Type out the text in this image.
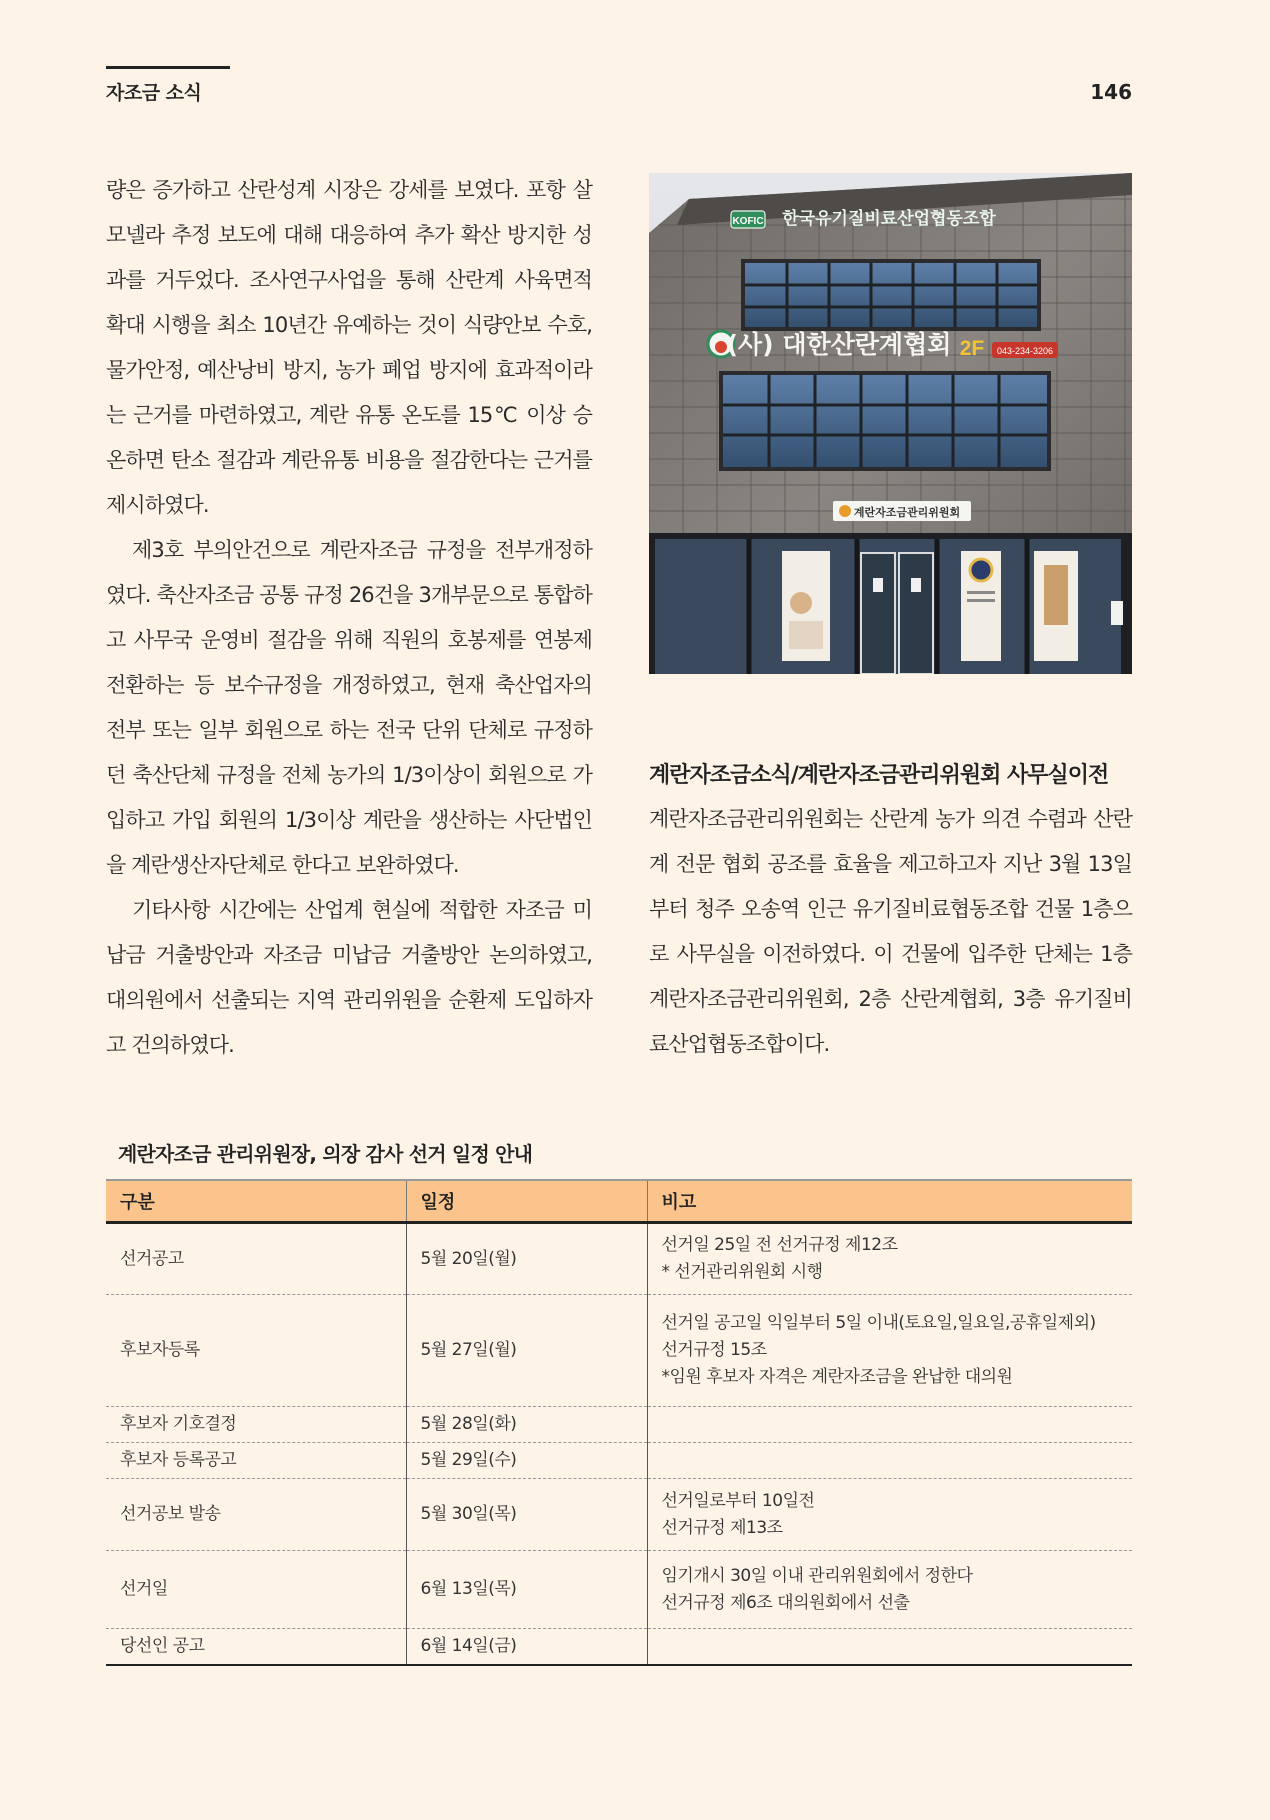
자조금 소식	146

량은 증가하고 산란성계 시장은 강세를 보였다. 포항 살모넬라 추정 보도에 대해 대응하여 추가 확산 방지한 성과를 거두었다. 조사연구사업을 통해 산란계 사육면적 확대 시행을 최소 10년간 유예하는 것이 식량안보 수호, 물가안정, 예산낭비 방지, 농가 폐업 방지에 효과적이라는 근거를 마련하였고, 계란 유통 온도를 15℃ 이상 승온하면 탄소 절감과 계란유통 비용을 절감한다는 근거를 제시하였다.

제3호 부의안건으로 계란자조금 규정을 전부개정하였다. 축산자조금 공통 규정 26건을 3개부문으로 통합하고 사무국 운영비 절감을 위해 직원의 호봉제를 연봉제 전환하는 등 보수규정을 개정하였고, 현재 축산업자의 전부 또는 일부 회원으로 하는 전국 단위 단체로 규정하던 축산단체 규정을 전체 농가의 1/3이상이 회원으로 가입하고 가입 회원의 1/3이상 계란을 생산하는 사단법인을 계란생산자단체로 한다고 보완하였다.

기타사항 시간에는 산업계 현실에 적합한 자조금 미납금 거출방안과 자조금 미납금 거출방안 논의하였고, 대의원에서 선출되는 지역 관리위원을 순환제 도입하자고 건의하였다.

KOFIC 한국유기질비료산업협동조합
(사) 대한산란계협회 2F 043-234-3206
계란자조금관리위원회
계란자조금소식/계란자조금관리위원회 사무실이전

계란자조금관리위원회는 산란계 농가 의견 수렴과 산란계 전문 협회 공조를 효율을 제고하고자 지난 3월 13일부터 청주 오송역 인근 유기질비료협동조합 건물 1층으로 사무실을 이전하였다. 이 건물에 입주한 단체는 1층 계란자조금관리위원회, 2층 산란계협회, 3층 유기질비료산업협동조합이다.

계란자조금 관리위원장, 의장 감사 선거 일정 안내
구분	일정	비고
선거공고	5월 20일(월)	선거일 25일 전 선거규정 제12조
* 선거관리위원회 시행
후보자등록	5월 27일(월)	선거일 공고일 익일부터 5일 이내(토요일,일요일,공휴일제외)
선거규정 15조
*임원 후보자 자격은 계란자조금을 완납한 대의원
후보자 기호결정	5월 28일(화)	
후보자 등록공고	5월 29일(수)	
선거공보 발송	5월 30일(목)	선거일로부터 10일전
선거규정 제13조
선거일	6월 13일(목)	임기개시 30일 이내 관리위원회에서 정한다
선거규정 제6조 대의원회에서 선출
당선인 공고	6월 14일(금)	
